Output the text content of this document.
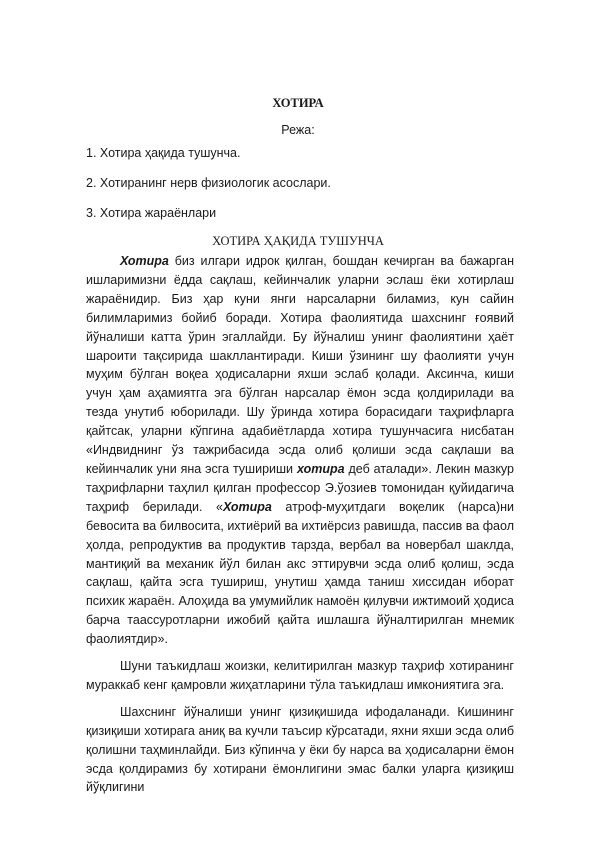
ХОТИРА
Режа:
1. Хотира ҳақида тушунча.
2. Хотиранинг нерв физиологик асослари.
3. Хотира жараёнлари
ХОТИРА ҲАҚИДА ТУШУНЧА

Хотира биз илгари идрок қилган, бошдан кечирган ва бажарган ишларимизни ёдда сақлаш, кейинчалик уларни эслаш ёки хотирлаш жараёнидир. Биз ҳар куни янги нарсаларни биламиз, кун сайин билимларимиз бойиб боради. Хотира фаолиятида шахснинг ғоявий йўналиши катта ўрин эгаллайди. Бу йўналиш унинг фаолиятини ҳаёт шароити тақсирида шакллантиради. Киши ўзининг шу фаолияти учун муҳим бўлган воқеа ҳодисаларни яхши эслаб қолади. Аксинча, киши учун ҳам аҳамиятга эга бўлган нарсалар ёмон эсда қолдирилади ва тезда унутиб юборилади. Шу ўринда хотира борасидаги таҳрифларга қайтсак, уларни кўпгина адабиётларда хотира тушунчасига нисбатан «Индвиднинг ўз тажрибасида эсда олиб қолиши эсда сақлаши ва кейинчалик уни яна эсга тушириши хотира деб аталади». Лекин мазкур таҳрифларни таҳлил қилган профессор Э.ўозиев томонидан қуйидагича таҳриф берилади. «Хотира атроф-муҳитдаги воқелик (нарса)ни бевосита ва билвосита, ихтиёрий ва ихтиёрсиз равишда, пассив ва фаол ҳолда, репродуктив ва продуктив тарзда, вербал ва новербал шаклда, мантиқий ва механик йўл билан акс эттирувчи эсда олиб қолиш, эсда сақлаш, қайта эсга тушириш, унутиш ҳамда таниш хиссидан иборат психик жараён. Алоҳида ва умумийлик намоён қилувчи ижтимоий ҳодиса барча таассуротларни ижобий қайта ишлашга йўналтирилган мнемик фаолиятдир».

Шуни таъкидлаш жоизки, келитирилган мазкур таҳриф хотиранинг мураккаб кенг қамровли жиҳатларини тўла таъкидлаш имкониятига эга.

Шахснинг йўналиши унинг қизиқишида ифодаланади. Кишининг қизиқиши хотирага аниқ ва кучли таъсир кўрсатади, яхни яхши эсда олиб қолишни таҳминлайди. Биз кўпинча у ёки бу нарса ва ҳодисаларни ёмон эсда қолдирамиз бу хотирани ёмонлигини эмас балки уларга қизиқиш йўқлигини
